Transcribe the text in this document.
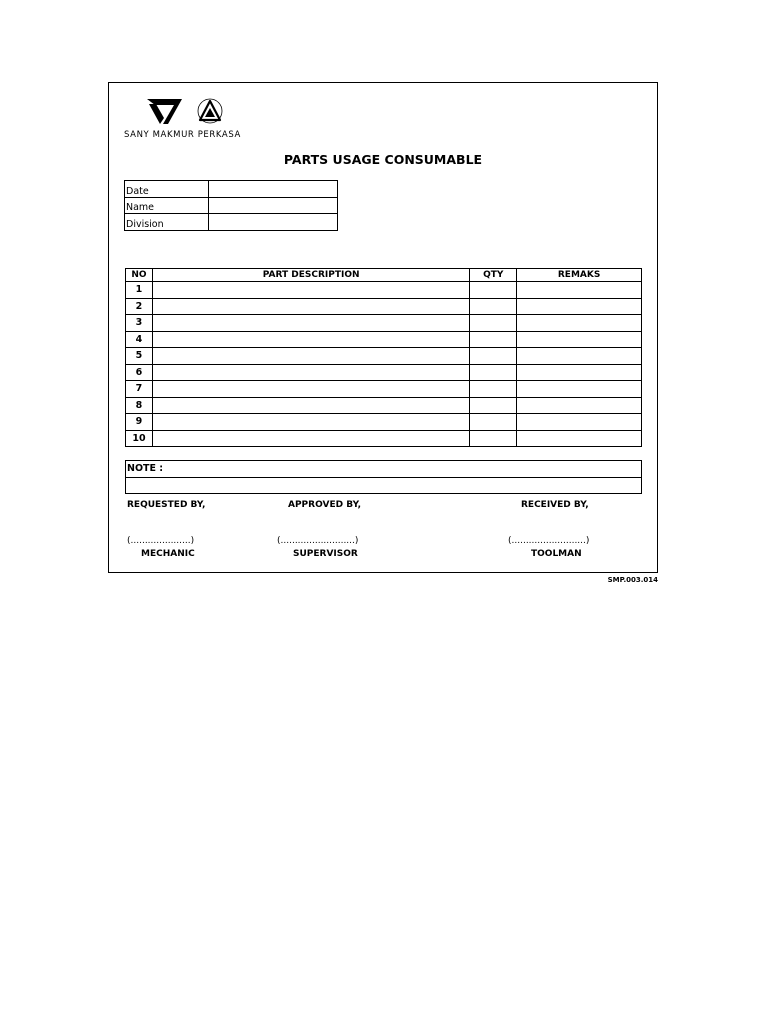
SANY MAKMUR PERKASA
PARTS USAGE CONSUMABLE
Date	
Name	
Division	
NO	PART DESCRIPTION	QTY	REMAKS
1			
2			
3			
4			
5			
6			
7			
8			
9			
10			
NOTE :

REQUESTED BY,	APPROVED BY,	RECEIVED BY,
(.....................)	(..........................)	(..........................)
MECHANIC	SUPERVISOR	TOOLMAN
SMP.003.014
